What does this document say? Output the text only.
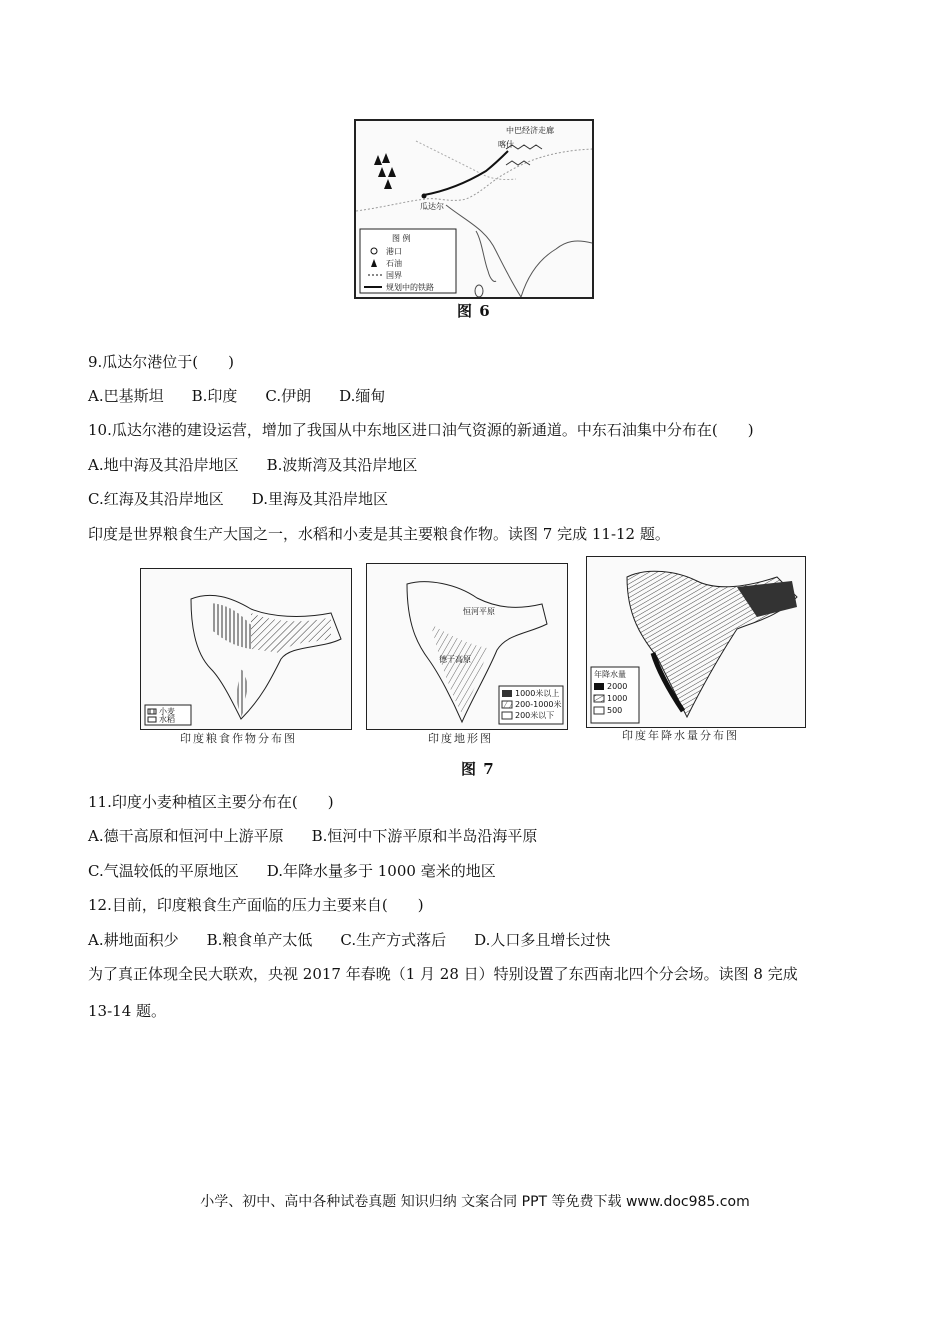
瓜达尔
喀什
中巴经济走廊
图 例
港口
石油
国界
规划中的铁路
图 6
9.瓜达尔港位于(　　)
A.巴基斯坦 B.印度 C.伊朗 D.缅甸
10.瓜达尔港的建设运营，增加了我国从中东地区进口油气资源的新通道。中东石油集中分布在(　　)
A.地中海及其沿岸地区 B.波斯湾及其沿岸地区
C.红海及其沿岸地区 D.里海及其沿岸地区
印度是世界粮食生产大国之一，水稻和小麦是其主要粮食作物。读图 7 完成 11-12 题。
小麦
水稻
印度粮食作物分布图
恒河平原
德干高原
1000米以上
200-1000米
200米以下
印度地形图
年降水量
2000
1000
500
印度年降水量分布图
图 7
11.印度小麦种植区主要分布在(　　)
A.德干高原和恒河中上游平原 B.恒河中下游平原和半岛沿海平原
C.气温较低的平原地区 D.年降水量多于 1000 毫米的地区
12.目前，印度粮食生产面临的压力主要来自(　　)
A.耕地面积少 B.粮食单产太低 C.生产方式落后 D.人口多且增长过快
为了真正体现全民大联欢，央视 2017 年春晚（1 月 28 日）特别设置了东西南北四个分会场。读图 8 完成
13-14 题。
小学、初中、高中各种试卷真题 知识归纳 文案合同 PPT 等免费下载 www.doc985.com
